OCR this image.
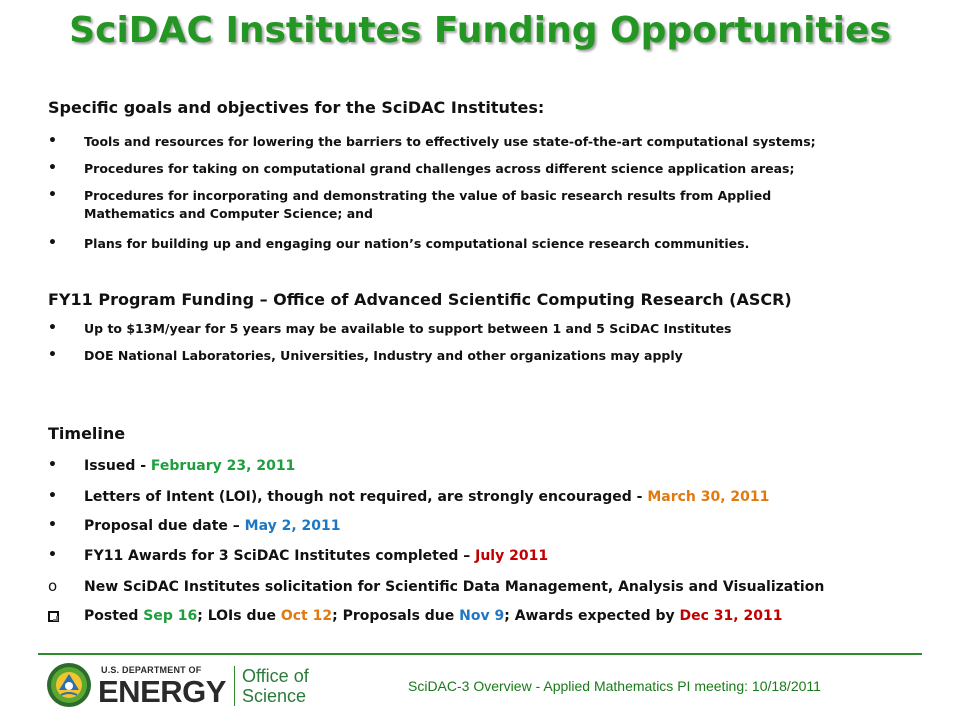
SciDAC Institutes Funding Opportunities
Specific goals and objectives for the SciDAC Institutes:
• Tools and resources for lowering the barriers to effectively use state-of-the-art computational systems;
• Procedures for taking on computational grand challenges across different science application areas;
• Procedures for incorporating and demonstrating the value of basic research results from Applied
Mathematics and Computer Science; and
• Plans for building up and engaging our nation’s computational science research communities.
FY11 Program Funding – Office of Advanced Scientific Computing Research (ASCR)
• Up to $13M/year for 5 years may be available to support between 1 and 5 SciDAC Institutes
• DOE National Laboratories, Universities, Industry and other organizations may apply
Timeline
• Issued - February 23, 2011
• Letters of Intent (LOI), though not required, are strongly encouraged - March 30, 2011
• Proposal due date – May 2, 2011
• FY11 Awards for 3 SciDAC Institutes completed – July 2011
o New SciDAC Institutes solicitation for Scientific Data Management, Analysis and Visualization
Posted Sep 16; LOIs due Oct 12; Proposals due Nov 9; Awards expected by Dec 31, 2011
U.S. DEPARTMENT OF
ENERGY Office of
Science	SciDAC-3 Overview - Applied Mathematics PI meeting: 10/18/2011
